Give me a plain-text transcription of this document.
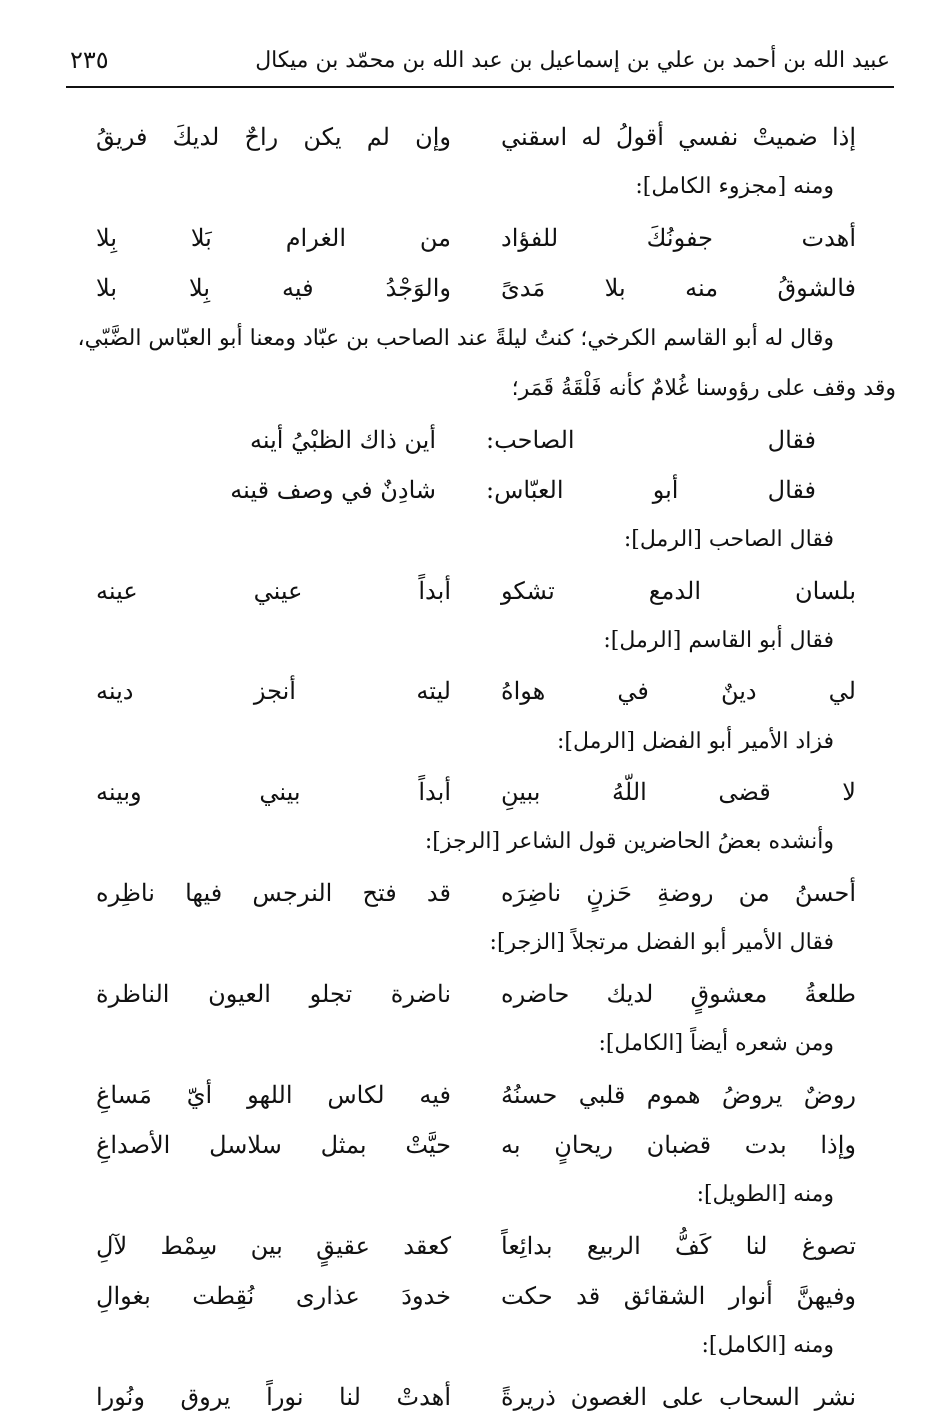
عبيد الله بن أحمد بن علي بن إسماعيل بن عبد الله بن محمّد بن ميكال
٢٣٥
إذا ضميتْ نفسي أقولُ له اسقني
وإن لم يكن راحٌ لديكَ فريقُ
ومنه [مجزوء الكامل]:
أهدت جفونُكَ للفؤاد
من الغرام بَلا بِلا
فالشوقُ منه بلا مَدىً
والوَجْدُ فيه بِلا بلا
وقال له أبو القاسم الكرخي؛ كنتُ ليلةً عند الصاحب بن عبّاد ومعنا أبو العبّاس الضَّبّي،
وقد وقف على رؤوسنا غُلامٌ كأنه فَلْقَةُ قَمَر؛
فقال الصاحب:
أين ذاك الظبْيُ أينه
فقال أبو العبّاس:
شادِنٌ في وصف قينه
فقال الصاحب [الرمل]:
بلسان الدمع تشكو
أبداً عيني عينه
فقال أبو القاسم [الرمل]:
لي دينٌ في هواهُ
ليته أنجز دينه
فزاد الأمير أبو الفضل [الرمل]:
لا قضى اللّهُ ببينِ
أبداً بيني وبينه
وأنشده بعضُ الحاضرين قول الشاعر [الرجز]:
أحسنُ من روضةِ حَزنٍ ناضِرَه
قد فتح النرجس فيها ناظِره
فقال الأمير أبو الفضل مرتجلاً [الزجر]:
طلعةُ معشوقٍ لديك حاضره
ناضرة تجلو العيون الناظرة
ومن شعره أيضاً [الكامل]:
روضٌ يروضُ هموم قلبي حسنُهُ
فيه لكاس اللهو أيّ مَساغِ
وإذا بدت قضبان ريحانٍ به
حيَّتْ بمثل سلاسل الأصداغِ
ومنه [الطويل]:
تصوغ لنا كَفُّ الربيع بدائِعاً
كعقد عقيقٍ بين سِمْط لآلِ
وفيهنَّ أنوار الشقائق قد حكت
خدودَ عذارى نُقِطت بغوالِ
ومنه [الكامل]:
نشر السحاب على الغصون ذريرةً
أهدتْ لنا نوراً يروق ونُورا
